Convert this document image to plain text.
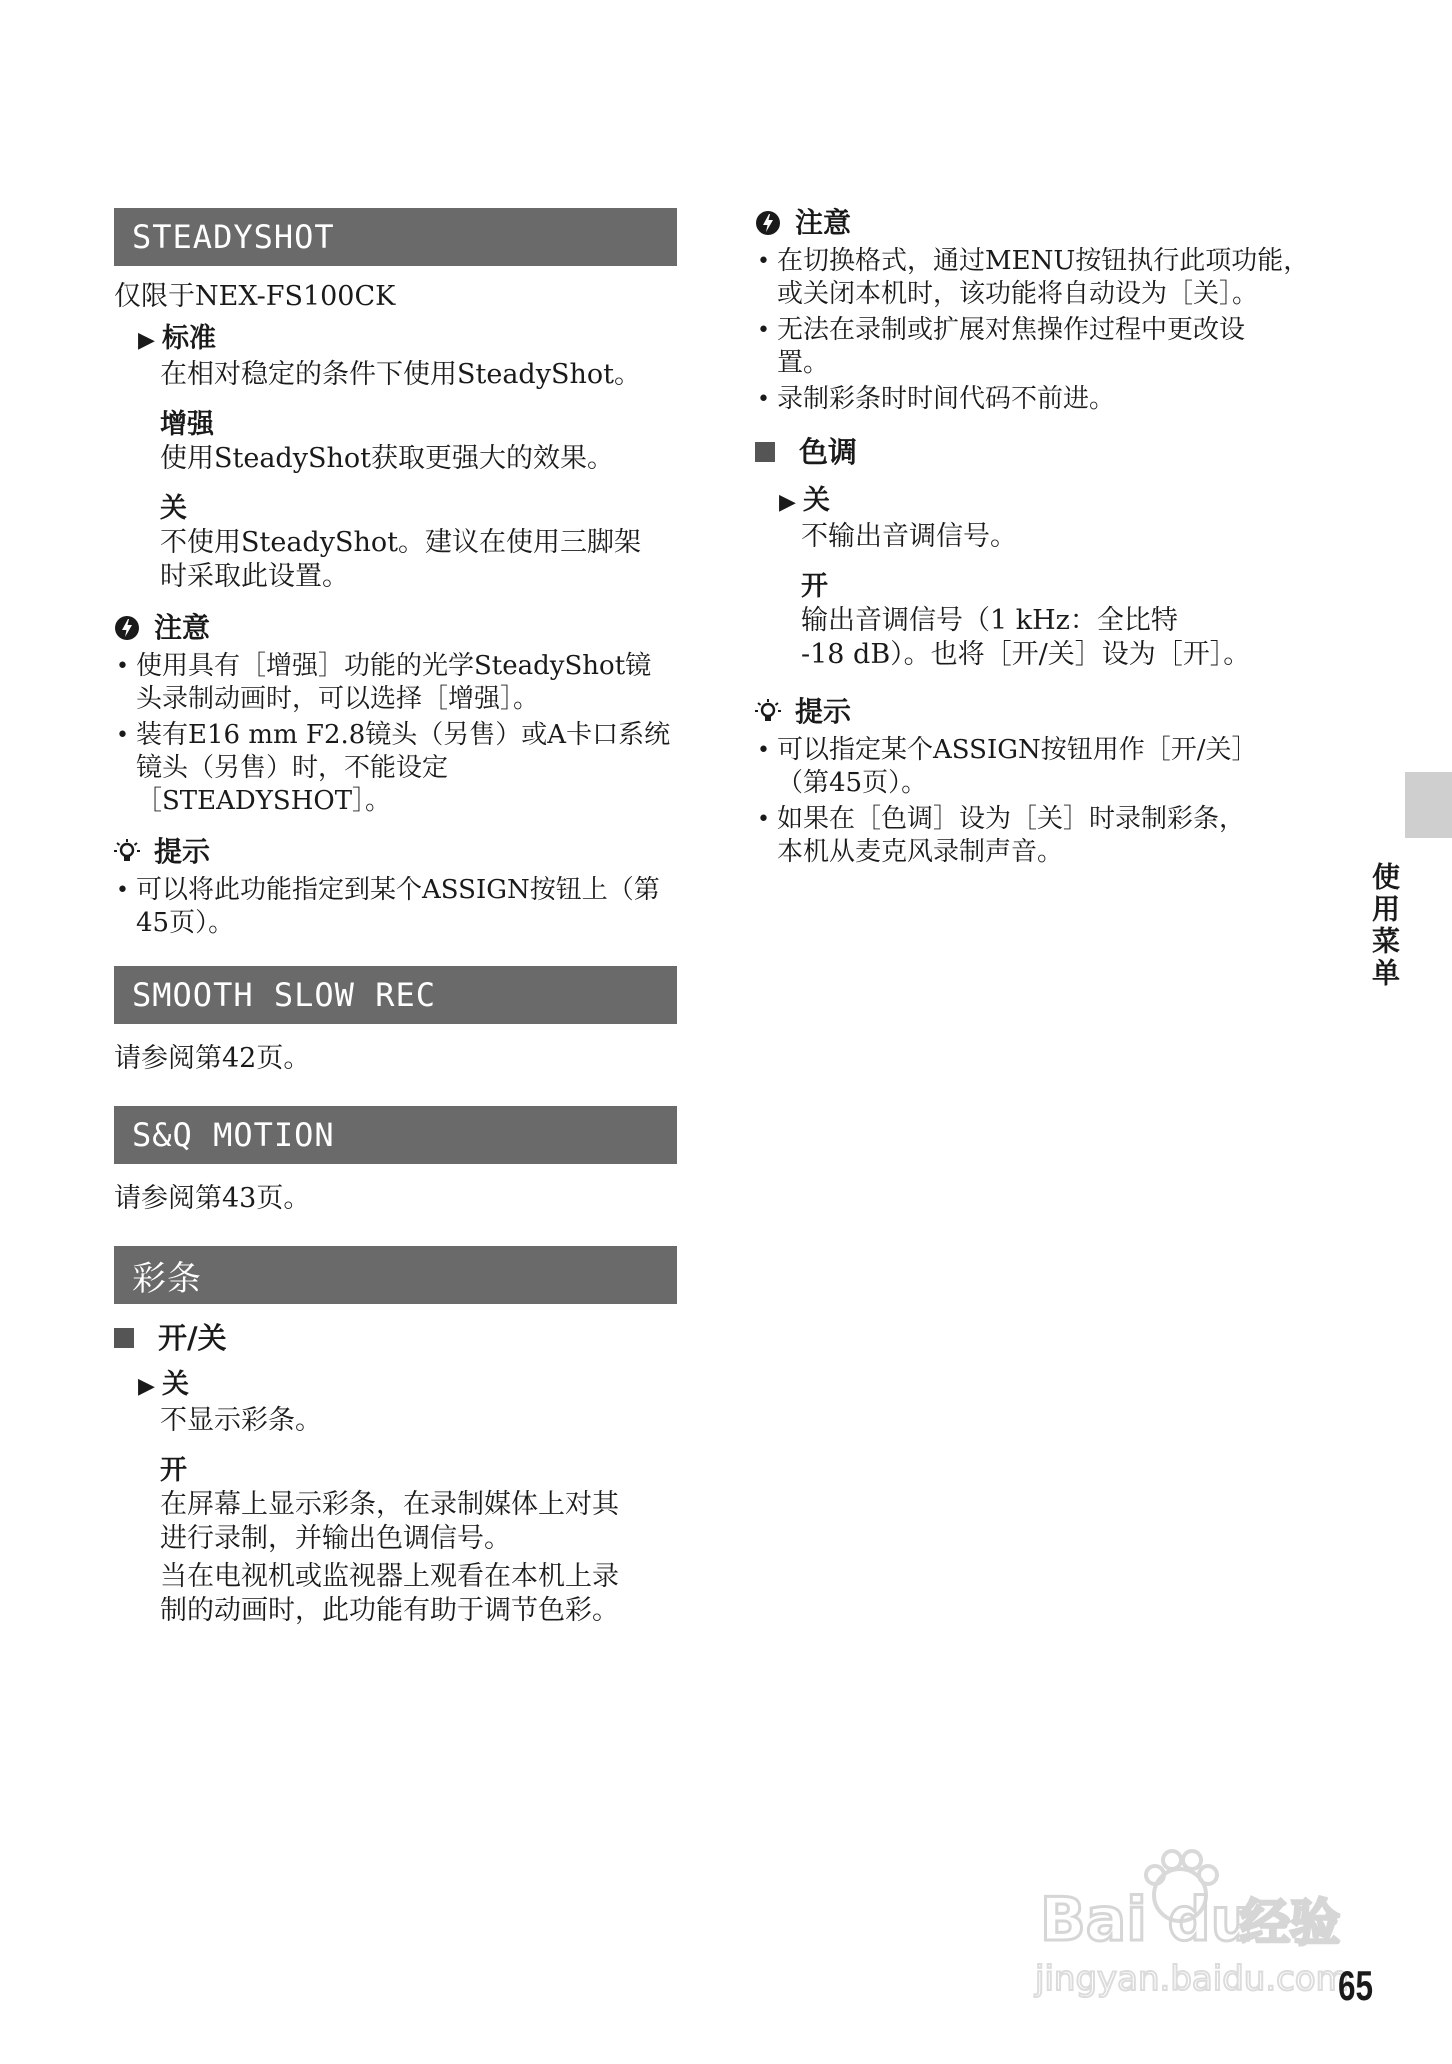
STEADYSHOT

仅限于NEX-FS100CK

▶ 标准

在相对稳定的条件下使用SteadyShot。

增强

使用SteadyShot获取更强大的效果。

关

不使用SteadyShot。建议在使用三脚架

时采取此设置。

注意
• 使用具有［增强］功能的光学SteadyShot镜
头录制动画时，可以选择［增强］。
• 装有E16 mm F2.8镜头（另售）或A卡口系统
镜头（另售）时，不能设定
［STEADYSHOT］。
提示
• 可以将此功能指定到某个ASSIGN按钮上（第
45页）。
SMOOTH SLOW REC

请参阅第42页。

S&Q MOTION

请参阅第43页。

彩条
开/关

▶ 关

不显示彩条。

开

在屏幕上显示彩条，在录制媒体上对其

进行录制，并输出色调信号。

当在电视机或监视器上观看在本机上录

制的动画时，此功能有助于调节色彩。

注意
• 在切换格式，通过MENU按钮执行此项功能，
或关闭本机时，该功能将自动设为［关］。
• 无法在录制或扩展对焦操作过程中更改设
置。
• 录制彩条时时间代码不前进。
色调

▶ 关

不输出音调信号。

开

输出音调信号（1 kHz：全比特

-18 dB）。也将［开/关］设为［开］。

提示
• 可以指定某个ASSIGN按钮用作［开/关］
（第45页）。
• 如果在［色调］设为［关］时录制彩条，
本机从麦克风录制声音。
使用菜单
Bai du
经验
jingyan.baidu.com
65
